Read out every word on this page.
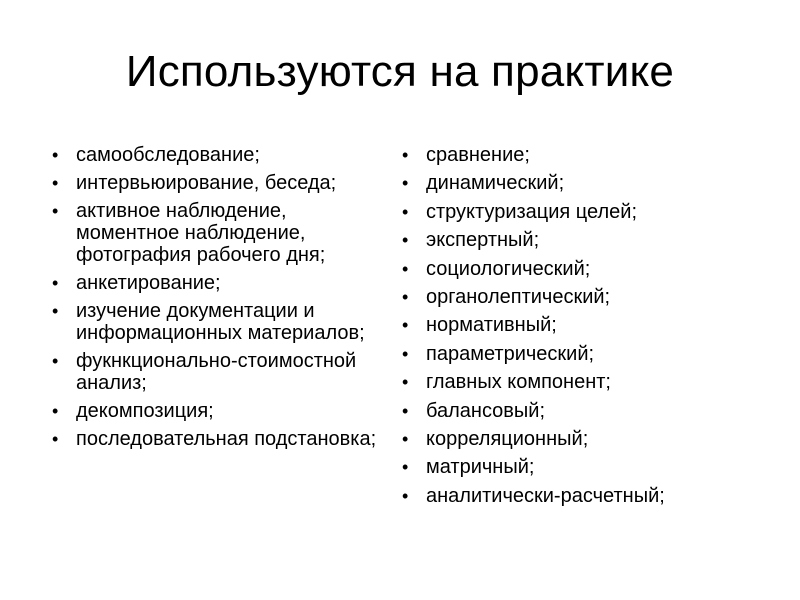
Используются на практике
• самообследование;
• интервьюирование, беседа;
• активное наблюдение, моментное наблюдение, фотография рабочего дня;
• анкетирование;
• изучение документации и информационных материалов;
• фукнкционально-стоимостной анализ;
• декомпозиция;
• последовательная подстановка;
• сравнение;
• динамический;
• структуризация целей;
• экспертный;
• социологический;
• органолептический;
• нормативный;
• параметрический;
• главных компонент;
• балансовый;
• корреляционный;
• матричный;
• аналитически-расчетный;
